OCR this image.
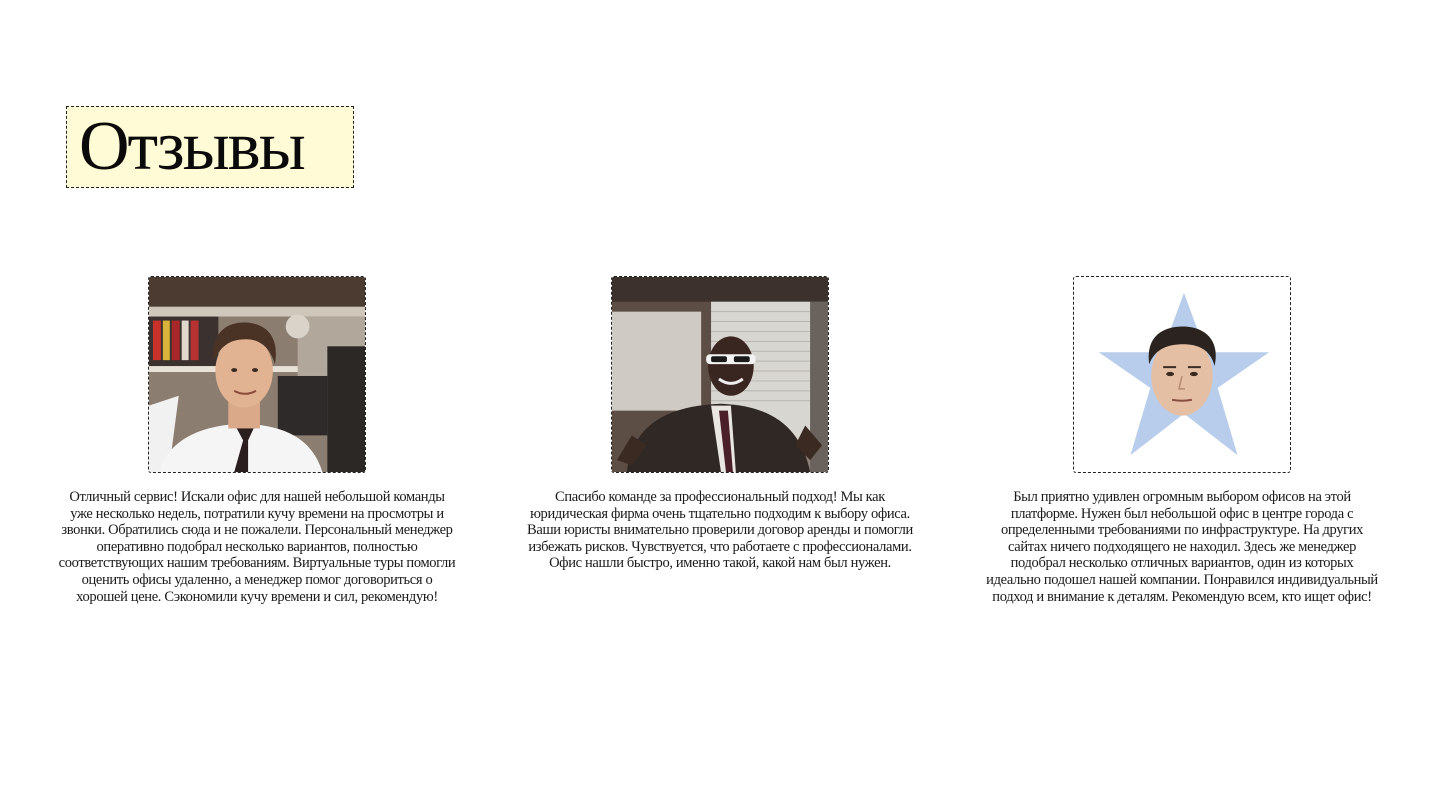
Отзывы

Отличный сервис! Искали офис для нашей небольшой команды уже несколько недель, потратили кучу времени на просмотры и звонки. Обратились сюда и не пожалели. Персональный менеджер оперативно подобрал несколько вариантов, полностью соответствующих нашим требованиям. Виртуальные туры помогли оценить офисы удаленно, а менеджер помог договориться о хорошей цене. Сэкономили кучу времени и сил, рекомендую!

Спасибо команде за профессиональный подход! Мы как юридическая фирма очень тщательно подходим к выбору офиса. Ваши юристы внимательно проверили договор аренды и помогли избежать рисков. Чувствуется, что работаете с профессионалами. Офис нашли быстро, именно такой, какой нам был нужен.

Был приятно удивлен огромным выбором офисов на этой платформе. Нужен был небольшой офис в центре города с определенными требованиями по инфраструктуре. На других сайтах ничего подходящего не находил. Здесь же менеджер подобрал несколько отличных вариантов, один из которых идеально подошел нашей компании. Понравился индивидуальный подход и внимание к деталям. Рекомендую всем, кто ищет офис!
